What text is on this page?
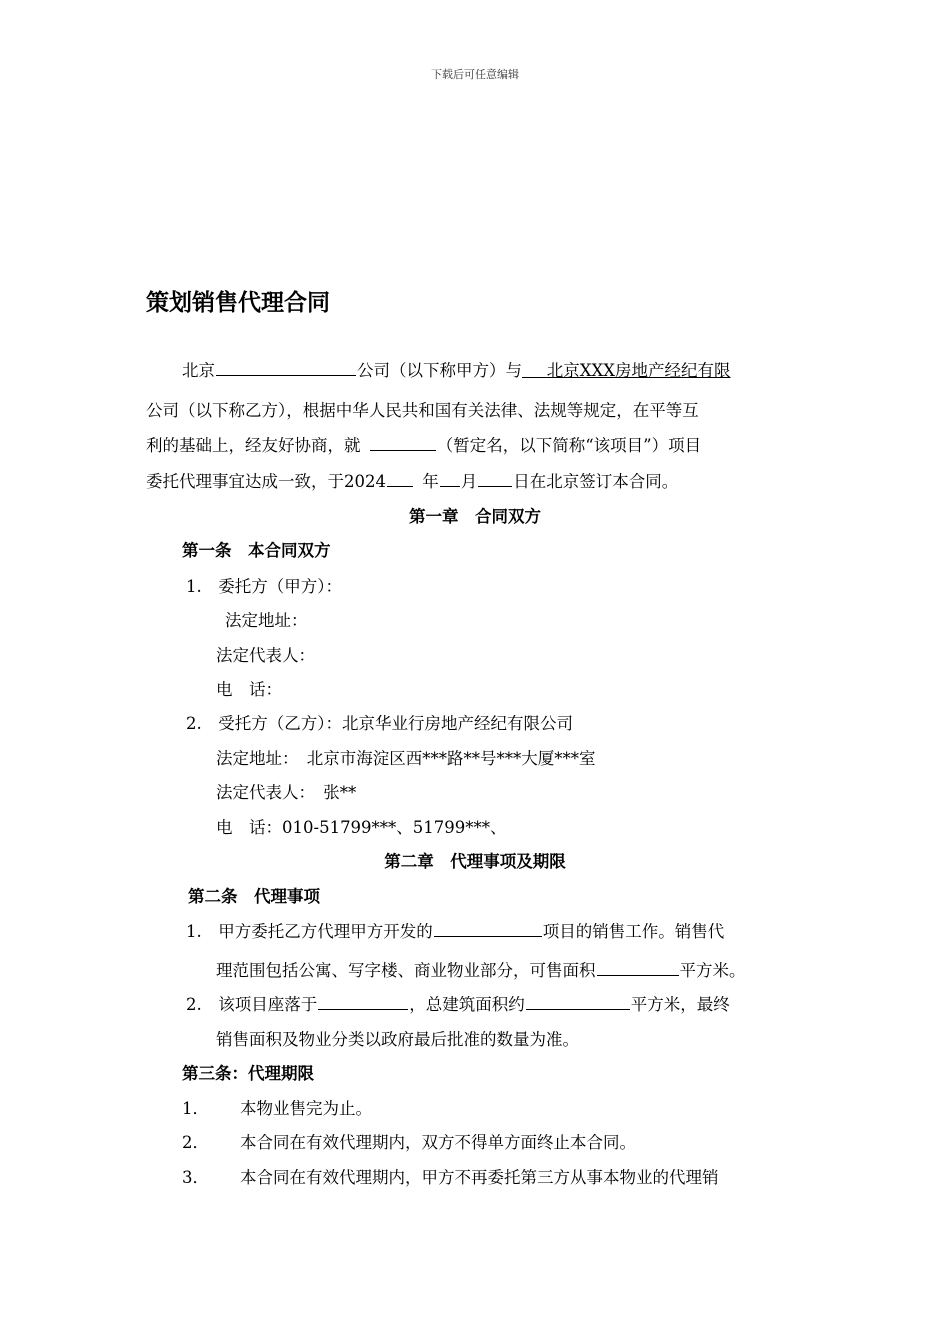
下载后可任意编辑
策划销售代理合同
北京	公司（以下称甲方）与   北京XXX房地产经纪有限
公司（以下称乙方），根据中华人民共和国有关法律、法规等规定，在平等互
利的基础上，经友好协商，就 	（暂定名，以下简称“该项目”）项目
委托代理事宜达成一致，于2024  年 月 日在北京签订本合同。
第一章　合同双方
第一条　本合同双方
1.  委托方（甲方）：
法定地址：
法定代表人：
电　话：
2.  受托方（乙方）：北京华业行房地产经纪有限公司
法定地址：　北京市海淀区西***路**号***大厦***室
法定代表人：　张**
电　话：010-51799***、51799***、
第二章　代理事项及期限
第二条　代理事项
1.  甲方委托乙方代理甲方开发的	项目的销售工作。销售代
理范围包括公寓、写字楼、商业物业部分，可售面积	平方米。
2.  该项目座落于	，总建筑面积约	平方米，最终
销售面积及物业分类以政府最后批准的数量为准。
第三条：代理期限
1． 本物业售完为止。
2． 本合同在有效代理期内，双方不得单方面终止本合同。
3． 本合同在有效代理期内，甲方不再委托第三方从事本物业的代理销
